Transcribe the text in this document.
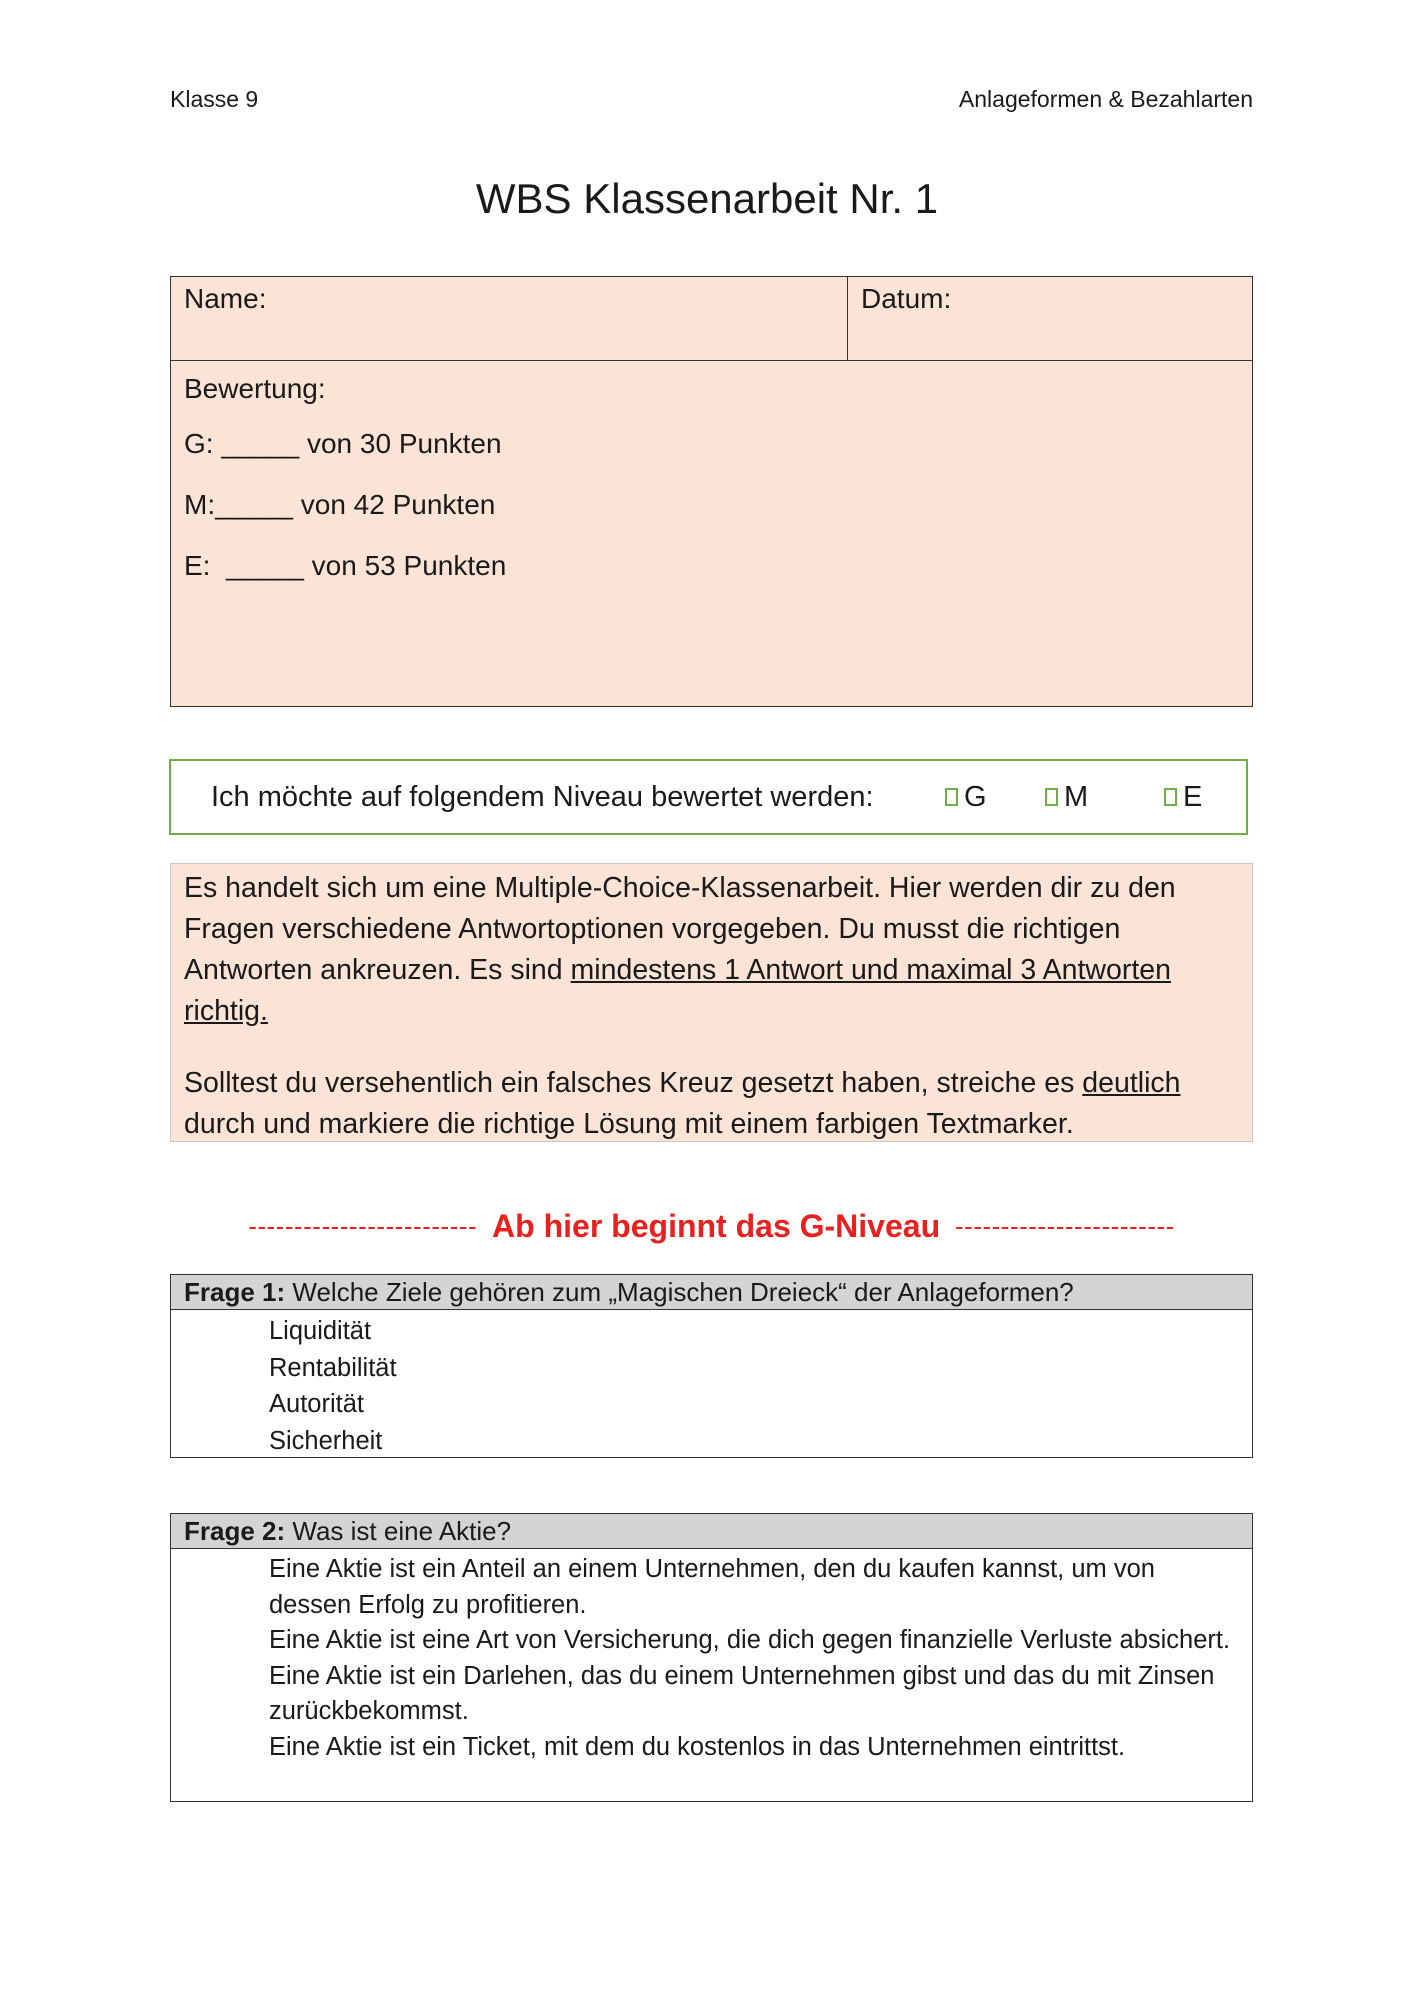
Klasse 9	Anlageformen & Bezahlarten
WBS Klassenarbeit Nr. 1
Name:	Datum:
Bewertung:
G: _____ von 30 Punkten
M:_____ von 42 Punkten
E:  _____ von 53 Punkten
Ich möchte auf folgendem Niveau bewertet werden:	G	M	E

Es handelt sich um eine Multiple-Choice-Klassenarbeit. Hier werden dir zu den Fragen verschiedene Antwortoptionen vorgegeben. Du musst die richtigen Antworten ankreuzen. Es sind mindestens 1 Antwort und maximal 3 Antworten richtig.

Solltest du versehentlich ein falsches Kreuz gesetzt haben, streiche es deutlich durch und markiere die richtige Lösung mit einem farbigen Textmarker.

------------------------- Ab hier beginnt das G-Niveau ------------------------
Frage 1: Welche Ziele gehören zum „Magischen Dreieck“ der Anlageformen?
Liquidität
Rentabilität
Autorität
Sicherheit
Frage 2: Was ist eine Aktie?
Eine Aktie ist ein Anteil an einem Unternehmen, den du kaufen kannst, um von dessen Erfolg zu profitieren.
Eine Aktie ist eine Art von Versicherung, die dich gegen finanzielle Verluste absichert.
Eine Aktie ist ein Darlehen, das du einem Unternehmen gibst und das du mit Zinsen zurückbekommst.
Eine Aktie ist ein Ticket, mit dem du kostenlos in das Unternehmen eintrittst.
